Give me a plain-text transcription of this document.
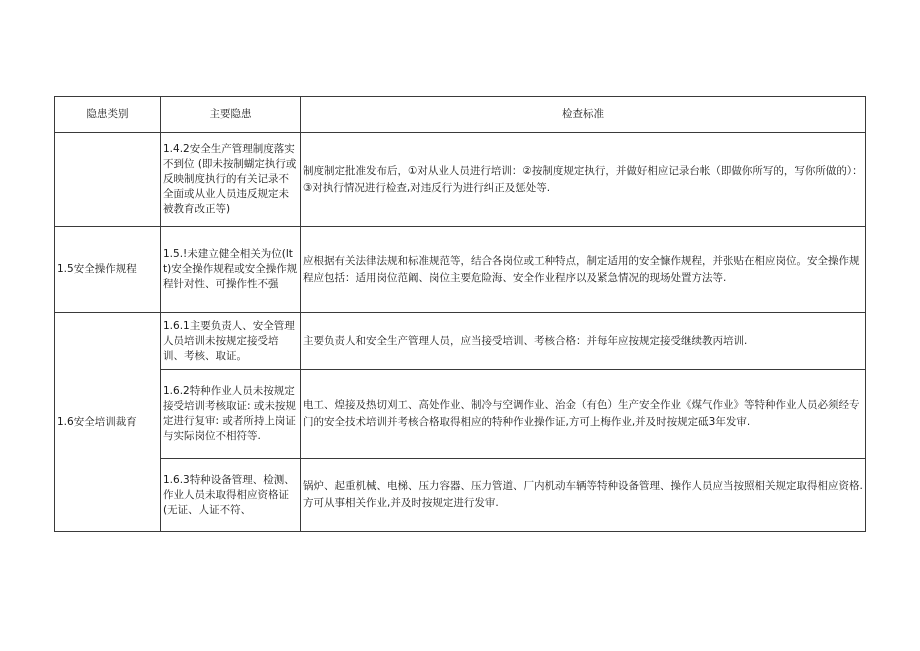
隐患类别	主要隐患	检查标准
	1.4.2安全生产管理制度落实不到位 (即未按制蝴定执行或反映制度执行的有关记录不全面或从业人员违反规定未被教育改正等)	制度制定批准发布后，①对从业人员进行培训：②按制度规定执行，并做好相应记录台帐（即做你所写的，写你所做的）：③对执行情况进行检查,对违反行为进行纠正及惩处等.
1.5安全操作规程	1.5.!未建立健全相关为位(ltt)安全操作规程或安全操作规程针对性、可操作性不强	应根据有关法律法规和标准规范等，结合各岗位或工种特点，制定适用的安全慷作规程，并张贴在相应岗位。安全操作规程应包括：适用岗位范阚、岗位主要危险海、安全作业程序以及紧急情况的现场处置方法等.
1.6安全培训裁育	1.6.1主要负责人、安全管理人员培训未按规定接受培训、考核、取证。	主要负责人和安全生产管理人员，应当接受培训、考核合格：并每年应按规定接受继续教丙培训.
	1.6.2特种作业人员未按规定接受培训考核取证: 或未按规定进行复审: 或者所持上岗证与实际岗位不相符等.	电工、煌接及热切刈工、高处作业、制冷与空调作业、治金（有色）生产安全作业《煤气作业》等特种作业人员必须经专门的安全技术培训并考核合格取得相应的特种作业操作证,方可上梅作业,并及时按规定砥3年发审.
	1.6.3特种设备管理、检测、作业人员未取得相应资格证 (无证、人证不符、	锅炉、起重机械、电梯、压力容器、压力管道、厂内机动车辆等特种设备管理、操作人员应当按照相关规定取得相应资格.方可从事相关作业,并及时按规定进行发审.
